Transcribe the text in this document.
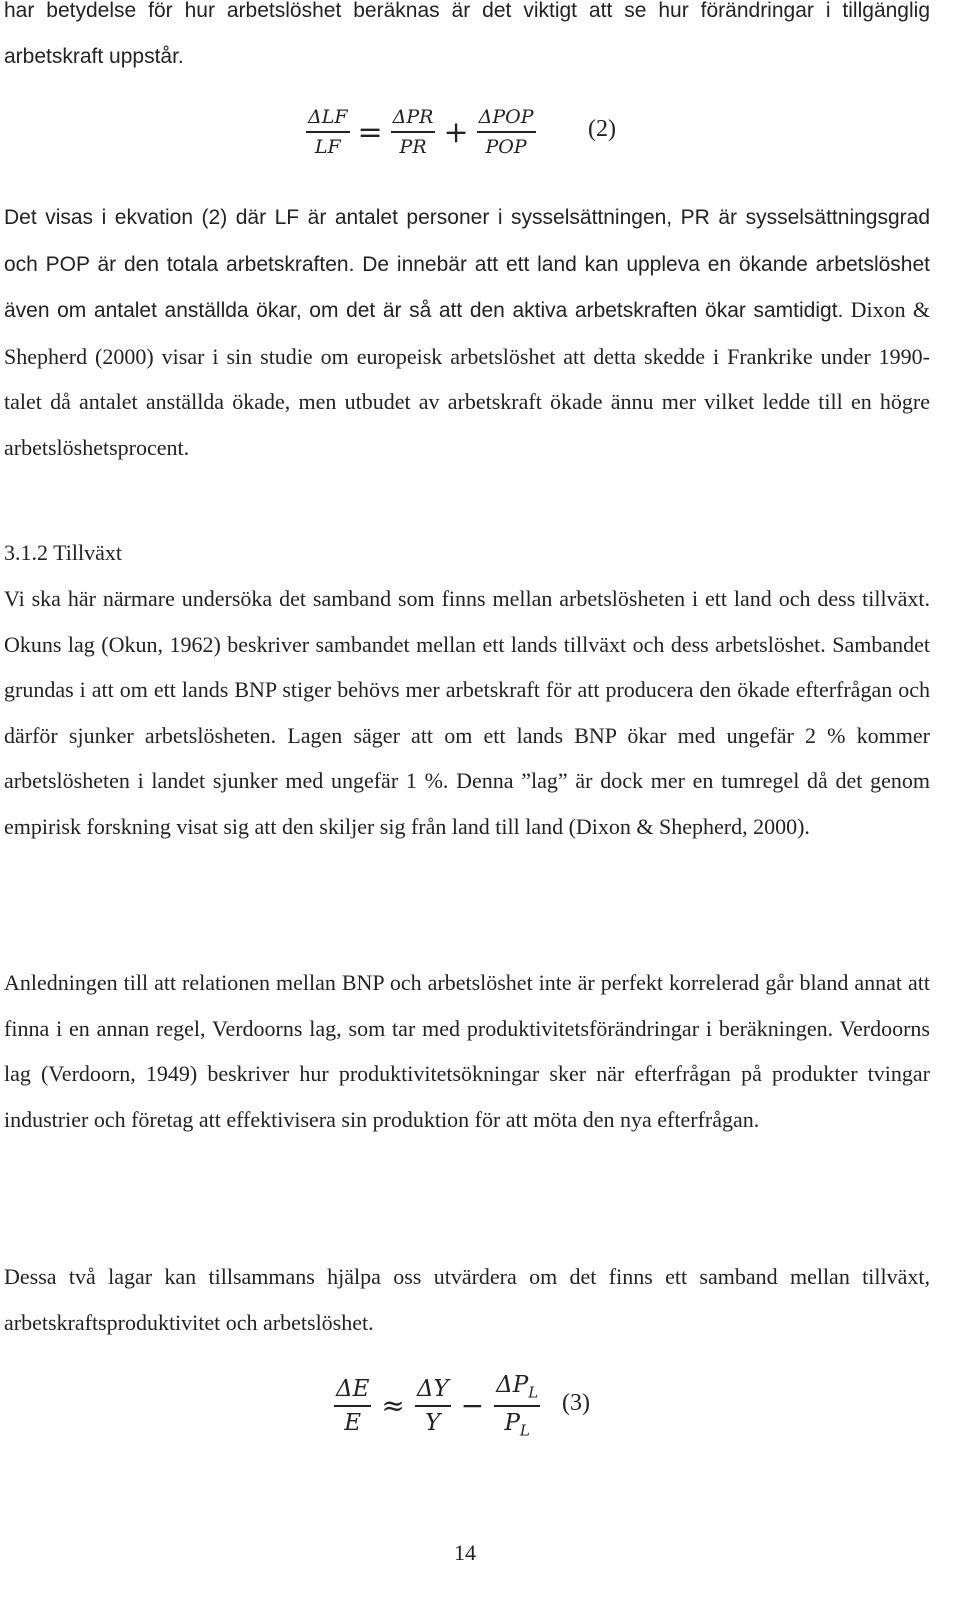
har betydelse för hur arbetslöshet beräknas är det viktigt att se hur förändringar i tillgänglig arbetskraft uppstår.

$\frac{\text{ΔLF}}{LF} = \frac{\text{ΔPR}}{PR} + \frac{\text{ΔPOP}}{\text{POP}} (2)$

Det visas i ekvation (2) där LF är antalet personer i sysselsättningen, PR är sysselsättningsgrad och POP är den totala arbetskraften. De innebär att ett land kan uppleva en ökande arbetslöshet även om antalet anställda ökar, om det är så att den aktiva arbetskraften ökar samtidigt. Dixon & Shepherd (2000) visar i sin studie om europeisk arbetslöshet att detta skedde i Frankrike under 1990-talet då antalet anställda ökade, men utbudet av arbetskraft ökade ännu mer vilket ledde till en högre arbetslöshetsprocent.

3.1.2 Tillväxt

Vi ska här närmare undersöka det samband som finns mellan arbetslösheten i ett land och dess tillväxt. Okuns lag (Okun, 1962) beskriver sambandet mellan ett lands tillväxt och dess arbetslöshet. Sambandet grundas i att om ett lands BNP stiger behövs mer arbetskraft för att producera den ökade efterfrågan och därför sjunker arbetslösheten. Lagen säger att om ett lands BNP ökar med ungefär 2 % kommer arbetslösheten i landet sjunker med ungefär 1 %. Denna ”lag” är dock mer en tumregel då det genom empirisk forskning visat sig att den skiljer sig från land till land (Dixon & Shepherd, 2000).

Anledningen till att relationen mellan BNP och arbetslöshet inte är perfekt korrelerad går bland annat att finna i en annan regel, Verdoorns lag, som tar med produktivitetsförändringar i beräkningen. Verdoorns lag (Verdoorn, 1949) beskriver hur produktivitetsökningar sker när efterfrågan på produkter tvingar industrier och företag att effektivisera sin produktion för att möta den nya efterfrågan.

Dessa två lagar kan tillsammans hjälpa oss utvärdera om det finns ett samband mellan tillväxt, arbetskraftsproduktivitet och arbetslöshet.

$\frac{\Delta E}{E} \approx \frac{\Delta Y}{Y} - \frac{\Delta P_L}{P_L} (3)$
14
